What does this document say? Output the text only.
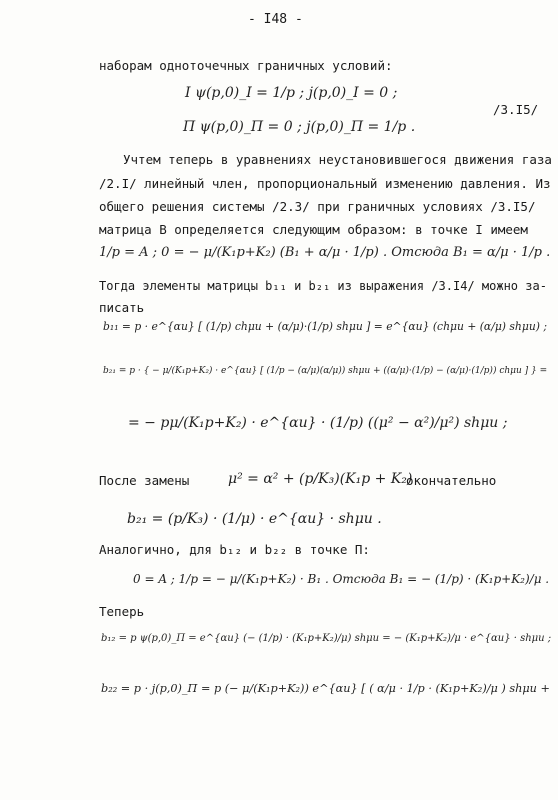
- I48 -
наборам одноточечных граничных условий:
I ψ(p,0)_I = 1/p ; j(p,0)_I = 0 ;
П ψ(p,0)_П = 0 ; j(p,0)_П = 1/p .
/3.I5/
Учтем теперь в уравнениях неустановившегося движения газа
/2.I/ линейный член, пропорциональный изменению давления. Из
общего решения системы /2.3/ при граничных условиях /3.I5/
матрица В определяется следующим образом: в точке I имеем
1/p = A ; 0 = − μ/(K₁p+K₂) (B₁ + α/μ · 1/p) . Отсюда B₁ = α/μ · 1/p .
Тогда элементы матрицы b₁₁ и b₂₁ из выражения /3.I4/ можно за-
писать
b₁₁ = p · e^{αu} [ (1/p) chμu + (α/μ)·(1/p) shμu ] = e^{αu} (chμu + (α/μ) shμu) ;
b₂₁ = p · { − μ/(K₁p+K₂) · e^{αu} [ (1/p − (α/μ)(α/μ)) shμu + ((α/μ)·(1/p) − (α/μ)·(1/p)) chμu ] } =
= − pμ/(K₁p+K₂) · e^{αu} · (1/p) ((μ² − α²)/μ²) shμu ;
После замены	μ² = α² + (p/K₃)(K₁p + K₂)
окончательно
b₂₁ = (p/K₃) · (1/μ) · e^{αu} · shμu .
Аналогично, для b₁₂ и b₂₂ в точке П:
0 = A ; 1/p = − μ/(K₁p+K₂) · B₁ . Отсюда B₁ = − (1/p) · (K₁p+K₂)/μ .
Теперь
b₁₂ = p ψ(p,0)_П = e^{αu} (− (1/p) · (K₁p+K₂)/μ) shμu = − (K₁p+K₂)/μ · e^{αu} · shμu ;
b₂₂ = p · j(p,0)_П = p (− μ/(K₁p+K₂)) e^{αu} [ ( α/μ · 1/p · (K₁p+K₂)/μ ) shμu +
